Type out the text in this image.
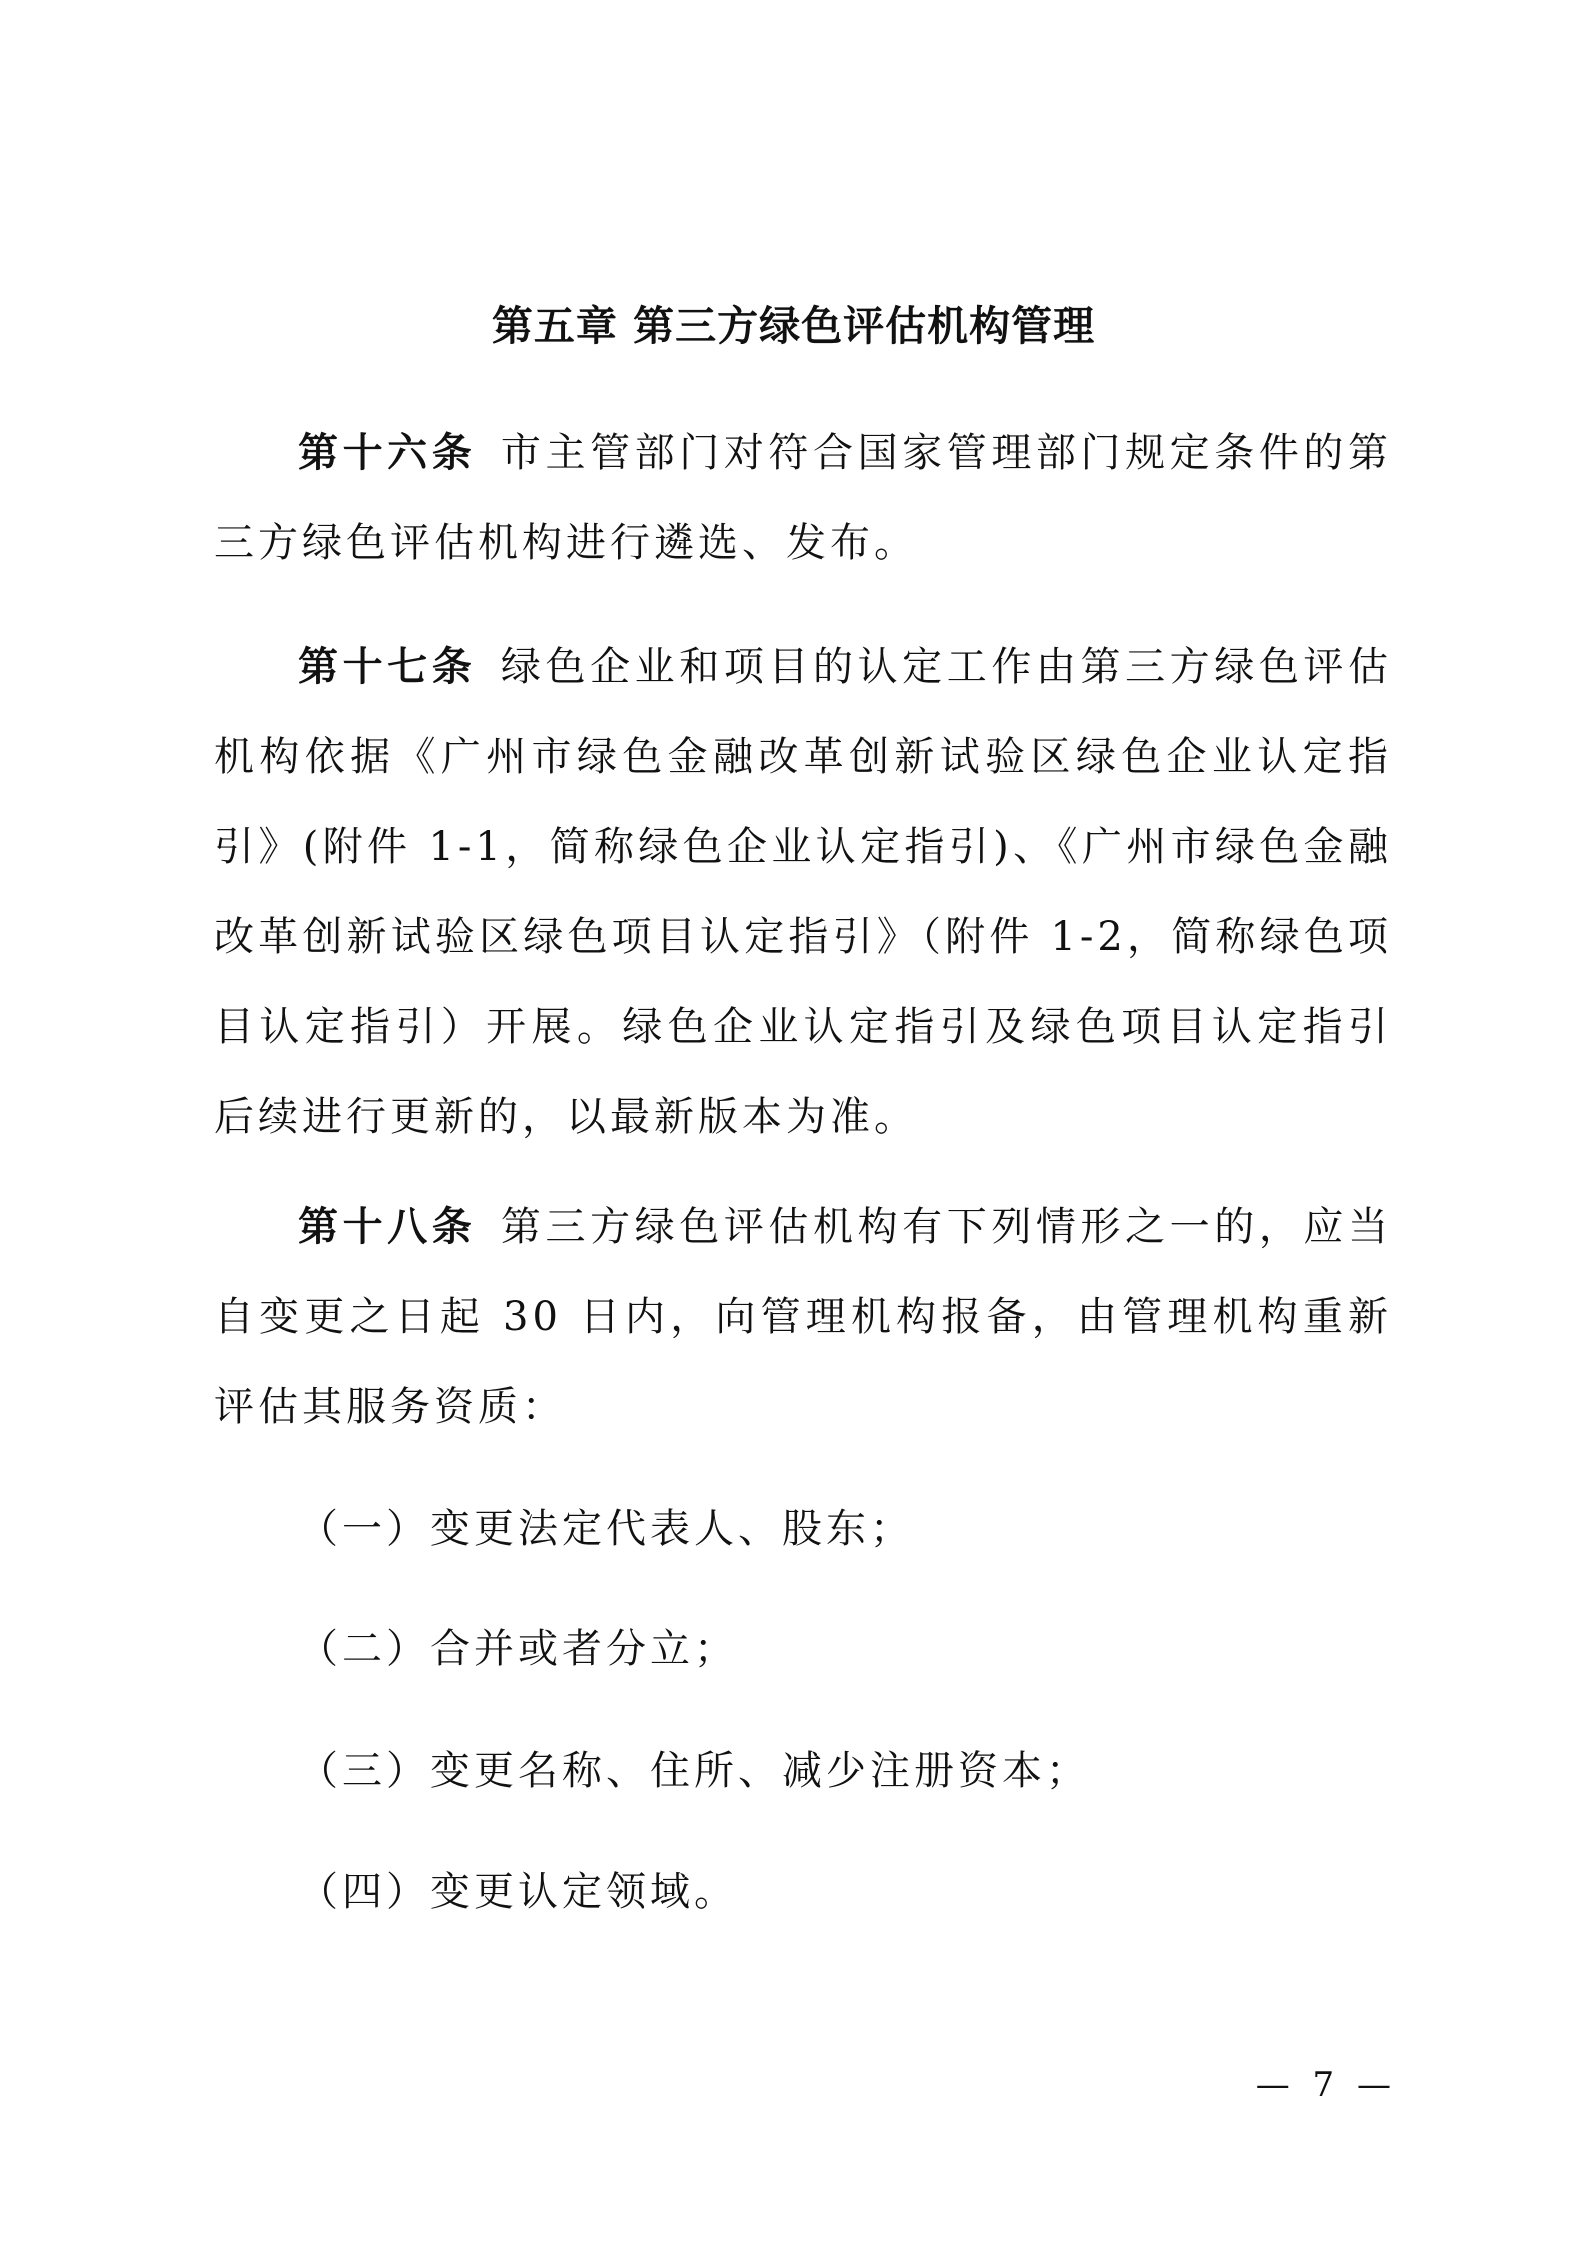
第五章 第三方绿色评估机构管理
第十六条 市主管部门对符合国家管理部门规定条件的第三方绿色评估机构进行遴选、发布。
第十七条 绿色企业和项目的认定工作由第三方绿色评估机构依据《广州市绿色金融改革创新试验区绿色企业认定指引》(附件 1-1，简称绿色企业认定指引)、《广州市绿色金融改革创新试验区绿色项目认定指引》（附件 1-2，简称绿色项目认定指引）开展。绿色企业认定指引及绿色项目认定指引后续进行更新的，以最新版本为准。
第十八条 第三方绿色评估机构有下列情形之一的，应当自变更之日起 30 日内，向管理机构报备，由管理机构重新评估其服务资质：
（一）变更法定代表人、股东；
（二）合并或者分立；
（三）变更名称、住所、减少注册资本；
（四）变更认定领域。
— 7 —
